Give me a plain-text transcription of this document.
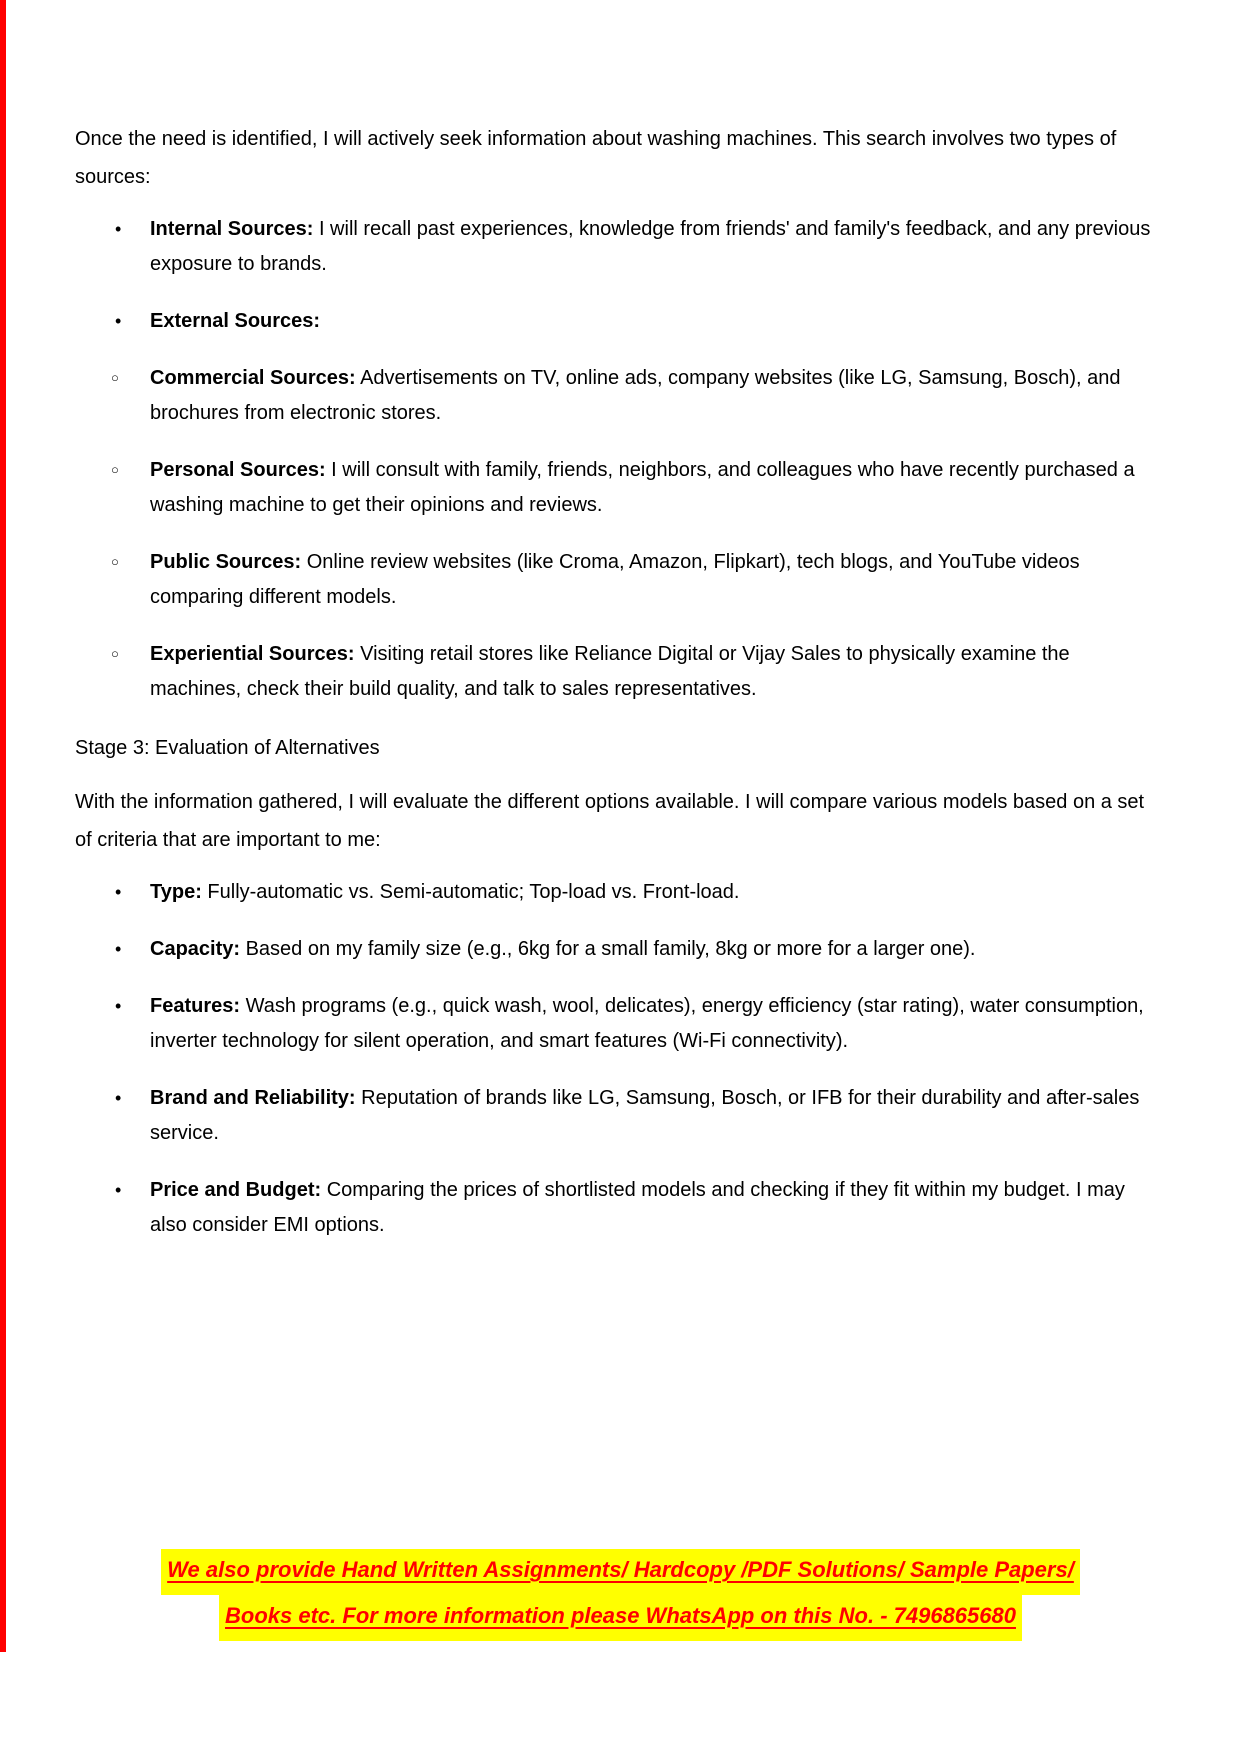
Once the need is identified, I will actively seek information about washing machines. This search involves two types of sources:

• Internal Sources: I will recall past experiences, knowledge from friends' and family's feedback, and any previous exposure to brands.
• External Sources:
○ Commercial Sources: Advertisements on TV, online ads, company websites (like LG, Samsung, Bosch), and brochures from electronic stores.
○ Personal Sources: I will consult with family, friends, neighbors, and colleagues who have recently purchased a washing machine to get their opinions and reviews.
○ Public Sources: Online review websites (like Croma, Amazon, Flipkart), tech blogs, and YouTube videos comparing different models.
○ Experiential Sources: Visiting retail stores like Reliance Digital or Vijay Sales to physically examine the machines, check their build quality, and talk to sales representatives.

Stage 3: Evaluation of Alternatives

With the information gathered, I will evaluate the different options available. I will compare various models based on a set of criteria that are important to me:

• Type: Fully-automatic vs. Semi-automatic; Top-load vs. Front-load.
• Capacity: Based on my family size (e.g., 6kg for a small family, 8kg or more for a larger one).
• Features: Wash programs (e.g., quick wash, wool, delicates), energy efficiency (star rating), water consumption, inverter technology for silent operation, and smart features (Wi-Fi connectivity).
• Brand and Reliability: Reputation of brands like LG, Samsung, Bosch, or IFB for their durability and after-sales service.
• Price and Budget: Comparing the prices of shortlisted models and checking if they fit within my budget. I may also consider EMI options.
We also provide Hand Written Assignments/ Hardcopy /PDF Solutions/ Sample Papers/
Books etc. For more information please WhatsApp on this No. - 7496865680
